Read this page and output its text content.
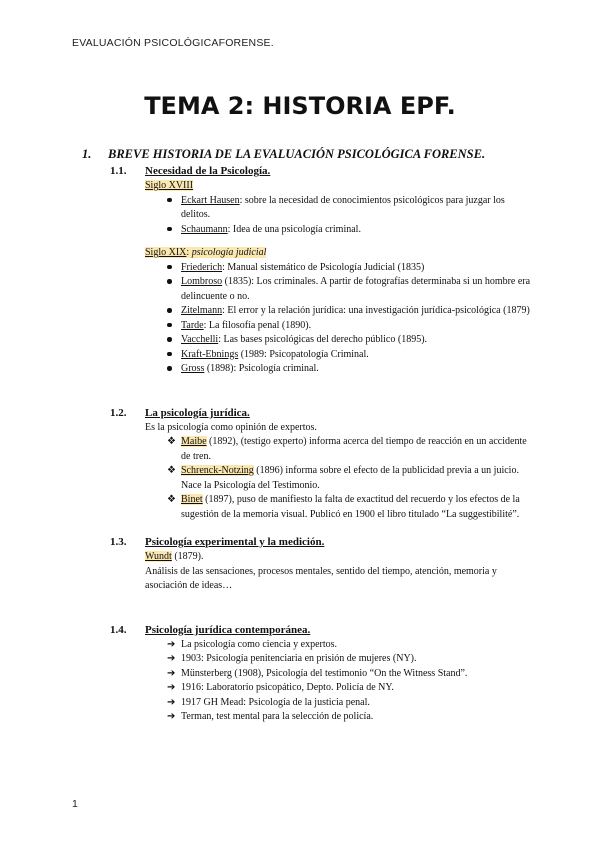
EVALUACIÓN PSICOLÓGICAFORENSE.
TEMA 2: HISTORIA EPF.
1. BREVE HISTORIA DE LA EVALUACIÓN PSICOLÓGICA FORENSE.
1.1. Necesidad de la Psicología.
Siglo XVIII
Eckart Hausen: sobre la necesidad de conocimientos psicológicos para juzgar los delitos.
Schaumann: Idea de una psicología criminal.
Siglo XIX: psicología judicial
Friederich: Manual sistemático de Psicología Judicial (1835)
Lombroso (1835): Los criminales. A partir de fotografías determinaba si un hombre era delincuente o no.
Zitelmann: El error y la relación jurídica: una investigación jurídica-psicológica (1879)
Tarde: La filosofía penal (1890).
Vacchelli: Las bases psicológicas del derecho público (1895).
Kraft-Ebnings (1989: Psicopatología Criminal.
Gross (1898): Psicología criminal.
1.2. La psicología jurídica.
Es la psicología como opinión de expertos.
❖ Maibe (1892), (testigo experto) informa acerca del tiempo de reacción en un accidente de tren.
❖ Schrenck-Notzing (1896) informa sobre el efecto de la publicidad previa a un juicio. Nace la Psicología del Testimonio.
❖ Binet (1897), puso de manifiesto la falta de exactitud del recuerdo y los efectos de la sugestión de la memoria visual. Publicó en 1900 el libro titulado “La suggestibilité”.
1.3. Psicología experimental y la medición.
Wundt (1879).
Análisis de las sensaciones, procesos mentales, sentido del tiempo, atención, memoria y asociación de ideas…
1.4. Psicología jurídica contemporánea.
➔ La psicología como ciencia y expertos.
➔ 1903: Psicología penitenciaria en prisión de mujeres (NY).
➔ Münsterberg (1908), Psicología del testimonio “On the Witness Stand”.
➔ 1916: Laboratorio psicopático, Depto. Policía de NY.
➔ 1917 GH Mead: Psicología de la justicia penal.
➔ Terman, test mental para la selección de policía.
1
